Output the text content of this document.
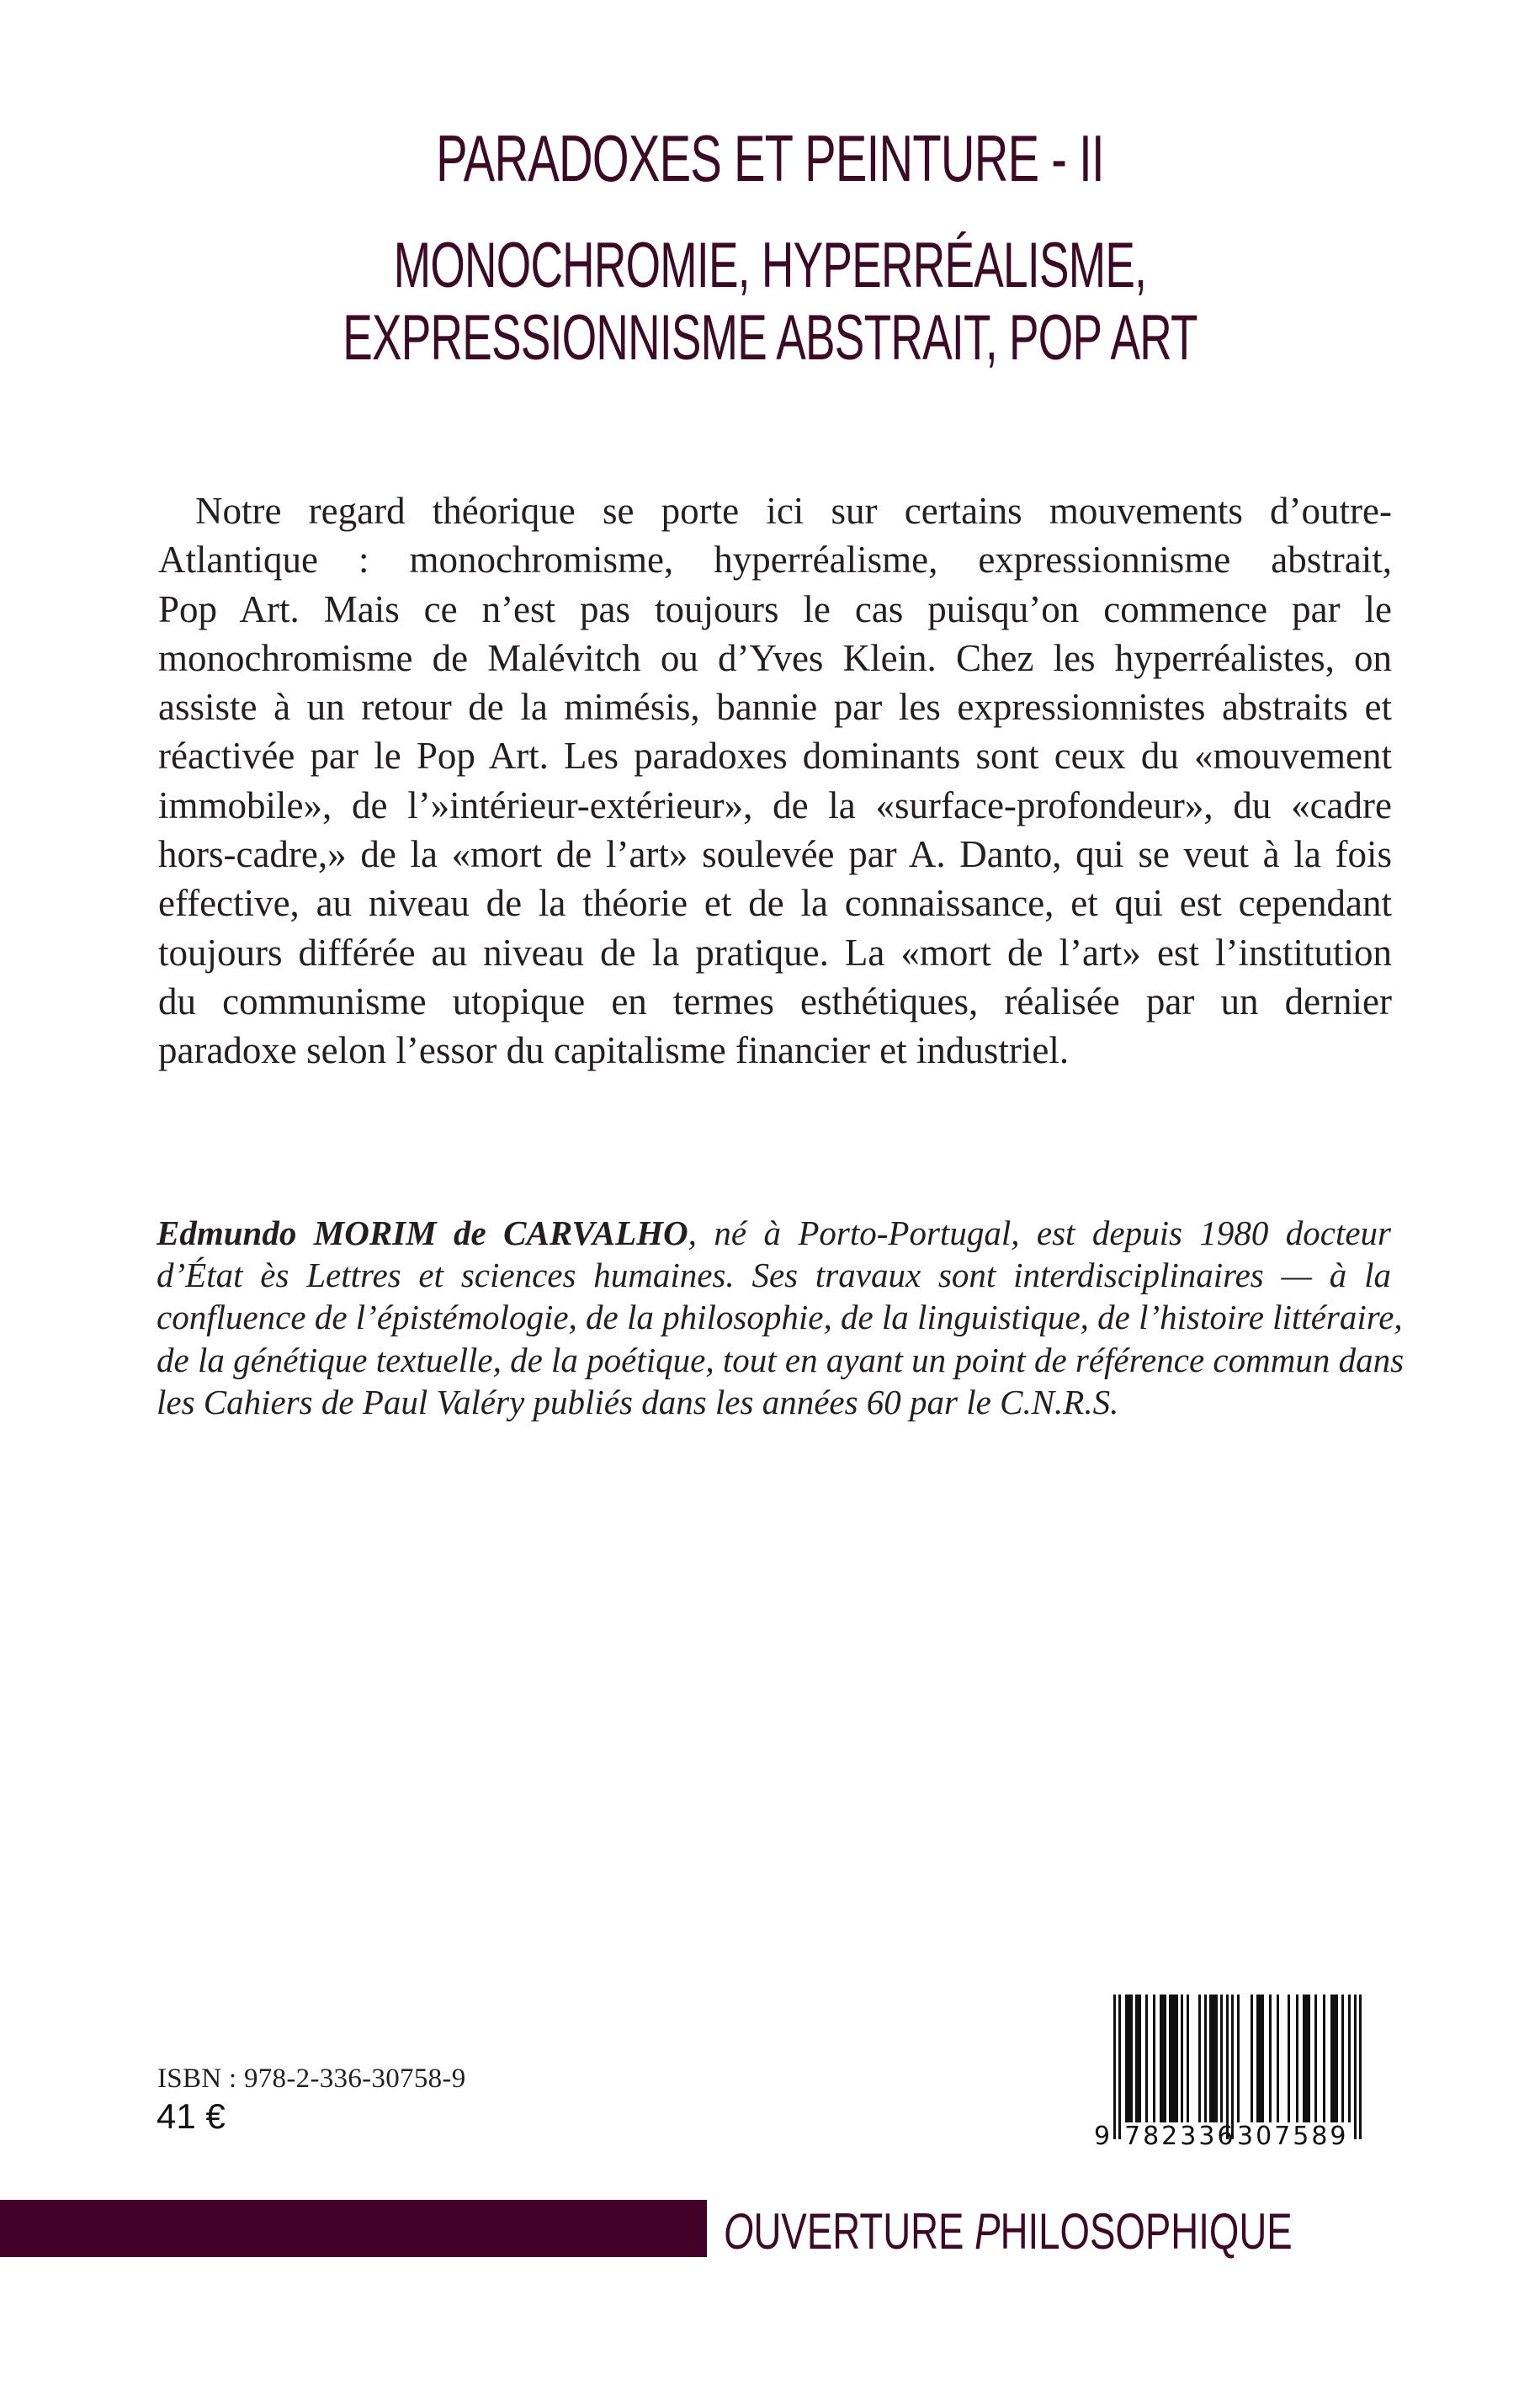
PARADOXES ET PEINTURE - II
MONOCHROMIE, HYPERRÉALISME,
EXPRESSIONNISME ABSTRAIT, POP ART
Notre regard théorique se porte ici sur certains mouvements d’outre-
Atlantique : monochromisme, hyperréalisme, expressionnisme abstrait,
Pop Art. Mais ce n’est pas toujours le cas puisqu’on commence par le
monochromisme de Malévitch ou d’Yves Klein. Chez les hyperréalistes, on
assiste à un retour de la mimésis, bannie par les expressionnistes abstraits et
réactivée par le Pop Art. Les paradoxes dominants sont ceux du «mouvement
immobile», de l’»intérieur-extérieur», de la «surface-profondeur», du «cadre
hors-cadre,» de la «mort de l’art» soulevée par A. Danto, qui se veut à la fois
effective, au niveau de la théorie et de la connaissance, et qui est cependant
toujours différée au niveau de la pratique. La «mort de l’art» est l’institution
du communisme utopique en termes esthétiques, réalisée par un dernier
paradoxe selon l’essor du capitalisme financier et industriel.
Edmundo MORIM de CARVALHO, né à Porto-Portugal, est depuis 1980 docteur
d’État ès Lettres et sciences humaines. Ses travaux sont interdisciplinaires — à la
confluence de l’épistémologie, de la philosophie, de la linguistique, de l’histoire littéraire,
de la génétique textuelle, de la poétique, tout en ayant un point de référence commun dans
les Cahiers de Paul Valéry publiés dans les années 60 par le C.N.R.S.
ISBN : 978-2-336-30758-9
41 €
9 782336 307589
OUVERTURE PHILOSOPHIQUE
